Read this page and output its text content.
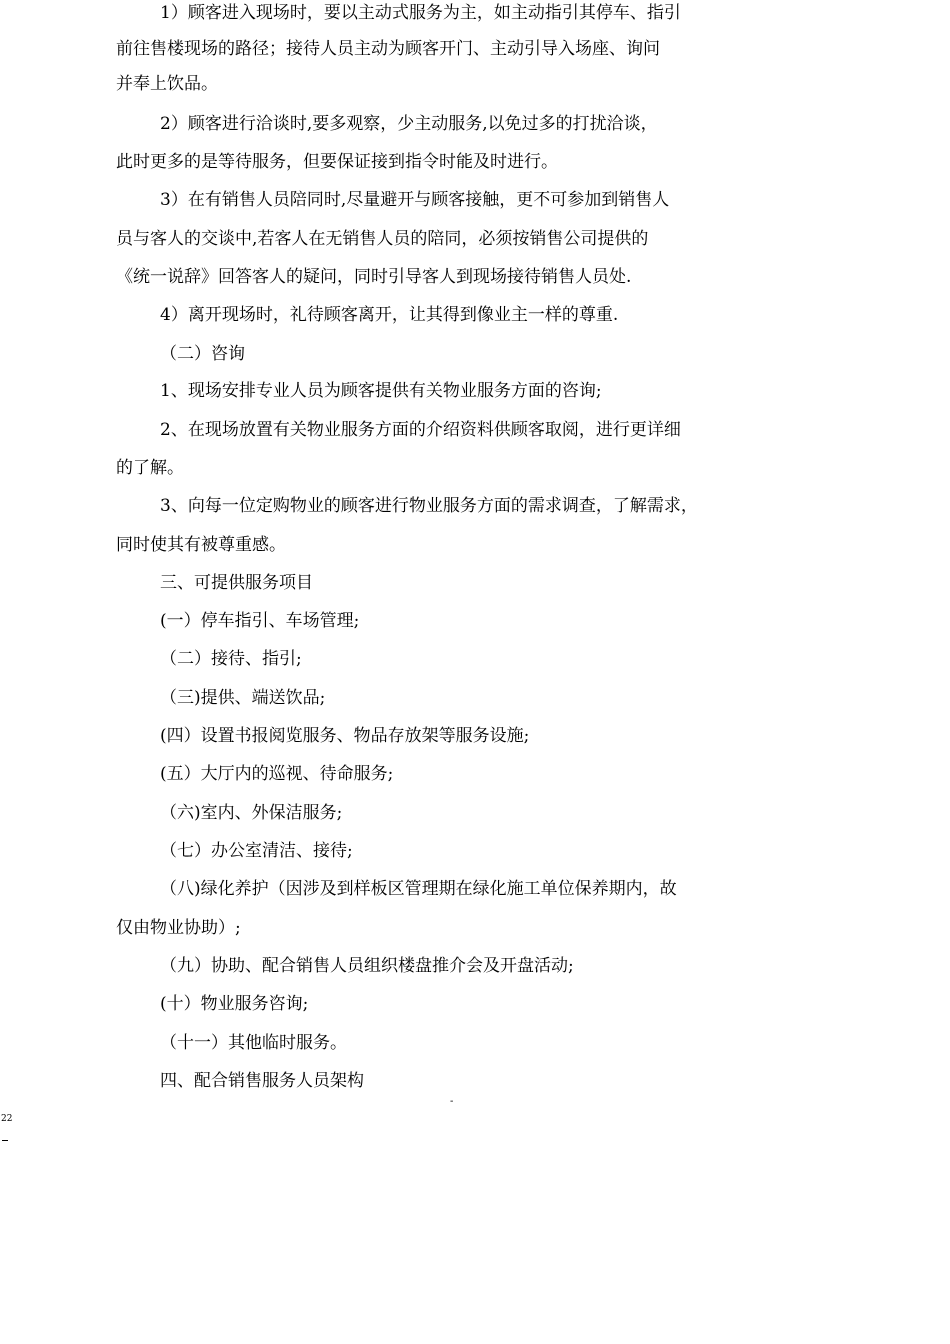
1）顾客进入现场时，要以主动式服务为主，如主动指引其停车、指引
前往售楼现场的路径；接待人员主动为顾客开门、主动引导入场座、询问
并奉上饮品。
2）顾客进行洽谈时,要多观察，少主动服务,以免过多的打扰洽谈，
此时更多的是等待服务，但要保证接到指令时能及时进行。
3）在有销售人员陪同时,尽量避开与顾客接触，更不可参加到销售人
员与客人的交谈中,若客人在无销售人员的陪同，必须按销售公司提供的
《统一说辞》回答客人的疑问，同时引导客人到现场接待销售人员处.
4）离开现场时，礼待顾客离开，让其得到像业主一样的尊重.
（二）咨询
1、现场安排专业人员为顾客提供有关物业服务方面的咨询;
2、在现场放置有关物业服务方面的介绍资料供顾客取阅，进行更详细
的了解。
3、向每一位定购物业的顾客进行物业服务方面的需求调查，了解需求，
同时使其有被尊重感。
三、可提供服务项目
(一）停车指引、车场管理;
（二）接待、指引;
（三)提供、端送饮品;
(四）设置书报阅览服务、物品存放架等服务设施;
(五）大厅内的巡视、待命服务;
（六)室内、外保洁服务;
（七）办公室清洁、接待;
（八)绿化养护（因涉及到样板区管理期在绿化施工单位保养期内，故
仅由物业协助）;
（九）协助、配合销售人员组织楼盘推介会及开盘活动;
(十）物业服务咨询;
（十一）其他临时服务。
四、配合销售服务人员架构
-
22
